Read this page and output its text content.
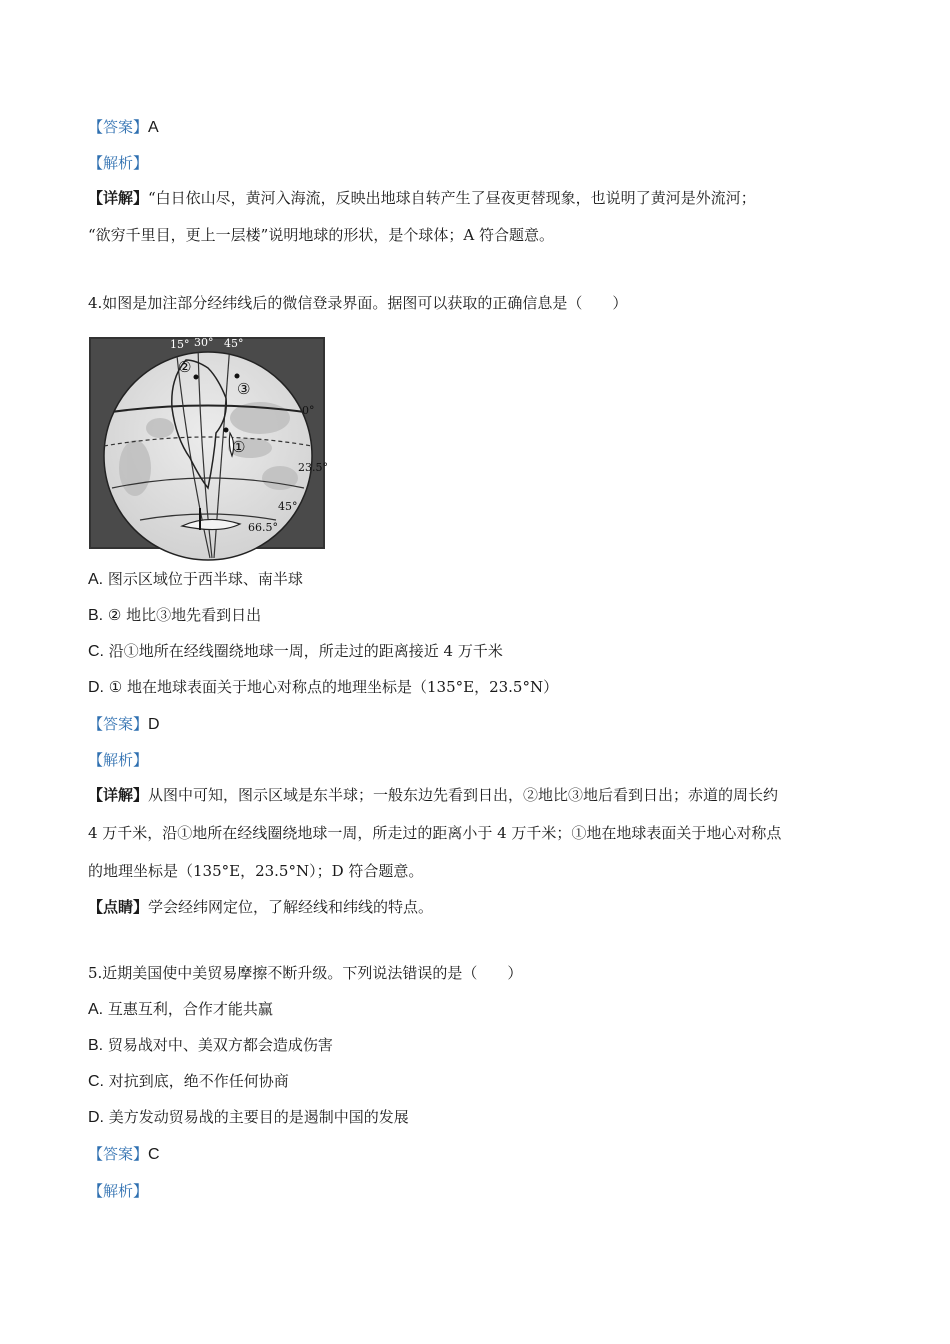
【答案】A
【解析】
【详解】“白日依山尽，黄河入海流，反映出地球自转产生了昼夜更替现象，也说明了黄河是外流河；
“欲穷千里目，更上一层楼”说明地球的形状，是个球体；A 符合题意。
4.如图是加注部分经纬线后的微信登录界面。据图可以获取的正确信息是（　　）
15° 30° 45°
0°
23.5°
45°
66.5°
②
③
①
A. 图示区域位于西半球、南半球
B. ② 地比③地先看到日出
C. 沿①地所在经线圈绕地球一周，所走过的距离接近 4 万千米
D. ① 地在地球表面关于地心对称点的地理坐标是（135°E，23.5°N）
【答案】D
【解析】
【详解】从图中可知，图示区域是东半球；一般东边先看到日出，②地比③地后看到日出；赤道的周长约
4 万千米，沿①地所在经线圈绕地球一周，所走过的距离小于 4 万千米；①地在地球表面关于地心对称点
的地理坐标是（135°E，23.5°N）；D 符合题意。
【点睛】学会经纬网定位，了解经线和纬线的特点。
5.近期美国使中美贸易摩擦不断升级。下列说法错误的是（　　）
A. 互惠互利，合作才能共赢
B. 贸易战对中、美双方都会造成伤害
C. 对抗到底，绝不作任何协商
D. 美方发动贸易战的主要目的是遏制中国的发展
【答案】C
【解析】
